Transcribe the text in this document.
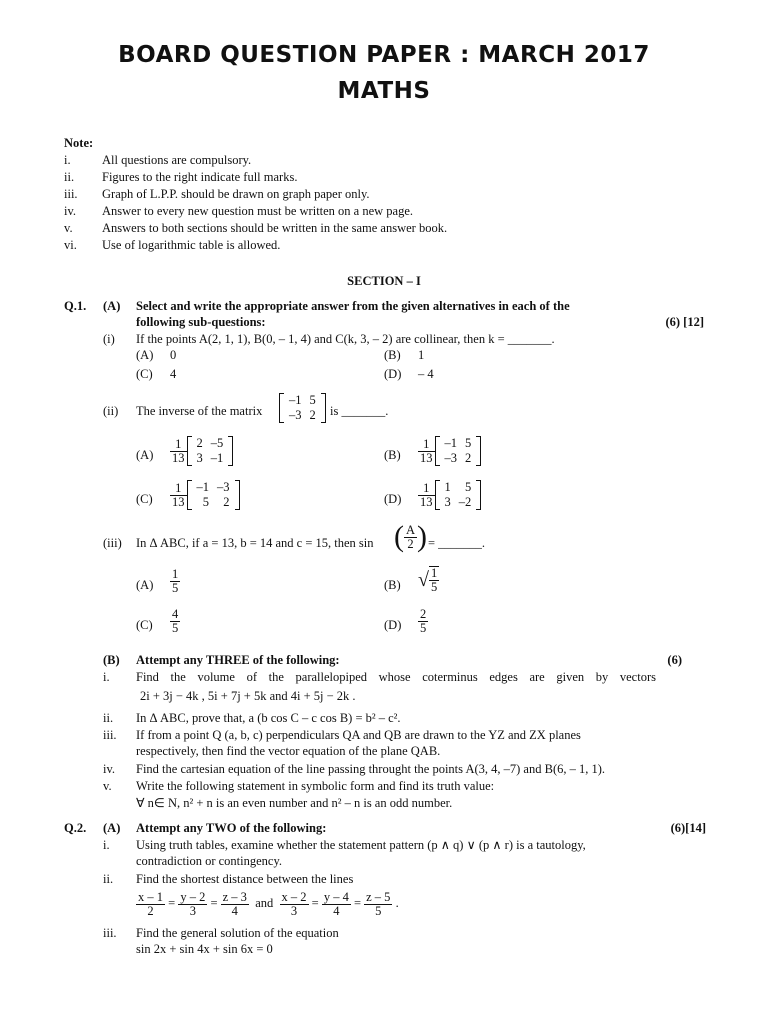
BOARD QUESTION PAPER : MARCH 2017
MATHS
Note:
i.	All questions are compulsory.
ii. Figures to the right indicate full marks.
iii. Graph of L.P.P. should be drawn on graph paper only.
iv. Answer to every new question must be written on a new page.
v. Answers to both sections should be written in the same answer book.
vi. Use of logarithmic table is allowed.
SECTION – I
Q.1. (A) Select and write the appropriate answer from the given alternatives in each of the
following sub-questions:	(6) [12]
(i) If the points A(2, 1, 1), B(0, – 1, 4) and C(k, 3, – 2) are collinear, then k = _______.
(A) 0	(B) 1
(C) 4	(D) – 4
(ii) The inverse of the matrix
–1	5
–3	2 is _______.
$(A) \frac{1}{13} 2$	–5
3	–1	$(B) \frac{1}{13} -1$	5
–3	2
$(C) \frac{1}{13} -1$	–3
5	2	$(D) \frac{1}{13} 1$	5
3	–2
(iii) In Δ ABC, if a = 13, b = 14 and c = 15, then sin ( $\frac{A}{2}$ ) = _______.
$(A) \frac{1}{5}$	(B) √ $\frac{1}{5}$
$(C) \frac{4}{5}$	$(D) \frac{2}{5}$
(B) Attempt any THREE of the following:	(6)
i. Find the volume of the parallelopiped whose coterminus edges are given by vectors
2i + 3j − 4k , 5i + 7j + 5k and 4i + 5j − 2k .
ii. In Δ ABC, prove that, a (b cos C – c cos B) = b² – c².
iii. If from a point Q (a, b, c) perpendiculars QA and QB are drawn to the YZ and ZX planes
respectively, then find the vector equation of the plane QAB.
iv. Find the cartesian equation of the line passing throught the points A(3, 4, –7) and B(6, – 1, 1).
v. Write the following statement in symbolic form and find its truth value:
∀ n∈ N, n² + n is an even number and n² – n is an odd number.
Q.2. (A) Attempt any TWO of the following:	(6)[14]
i. Using truth tables, examine whether the statement pattern (p ∧ q) ∨ (p ∧ r) is a tautology,
contradiction or contingency.
ii. Find the shortest distance between the lines
$\frac{x - 1}{2} = \frac{y - 2}{3} = \frac{z - 3}{4}$ and $\frac{x - 2}{3} = \frac{y - 4}{4} = \frac{z - 5}{5}$ .
iii. Find the general solution of the equation
sin 2x + sin 4x + sin 6x = 0
